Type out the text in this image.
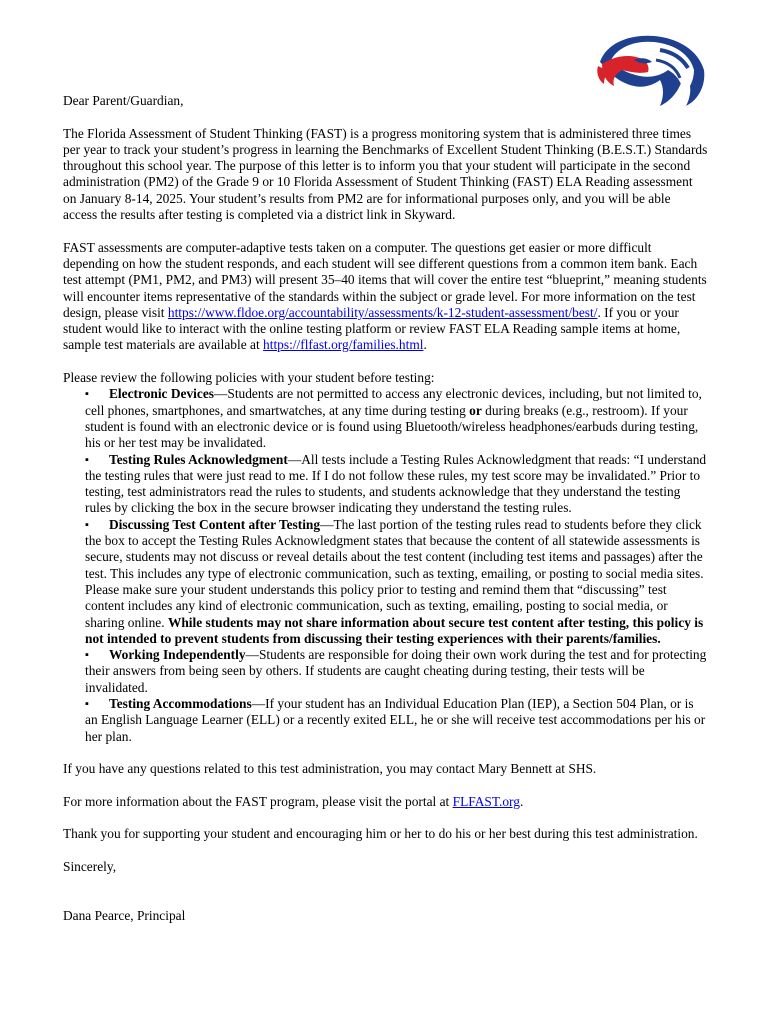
Dear Parent/Guardian,

The Florida Assessment of Student Thinking (FAST) is a progress monitoring system that is administered three times per year to track your student’s progress in learning the Benchmarks of Excellent Student Thinking (B.E.S.T.) Standards throughout this school year. The purpose of this letter is to inform you that your student will participate in the second administration (PM2) of the Grade 9 or 10 Florida Assessment of Student Thinking (FAST) ELA Reading assessment on January 8-14, 2025. Your student’s results from PM2 are for informational purposes only, and you will be able access the results after testing is completed via a district link in Skyward.

FAST assessments are computer-adaptive tests taken on a computer. The questions get easier or more difficult depending on how the student responds, and each student will see different questions from a common item bank. Each test attempt (PM1, PM2, and PM3) will present 35–40 items that will cover the entire test “blueprint,” meaning students will encounter items representative of the standards within the subject or grade level. For more information on the test design, please visit https://www.fldoe.org/accountability/assessments/k-12-student-assessment/best/. If you or your student would like to interact with the online testing platform or review FAST ELA Reading sample items at home, sample test materials are available at https://flfast.org/families.html.

Please review the following policies with your student before testing:

▪ Electronic Devices—Students are not permitted to access any electronic devices, including, but not limited to, cell phones, smartphones, and smartwatches, at any time during testing or during breaks (e.g., restroom). If your student is found with an electronic device or is found using Bluetooth/wireless headphones/earbuds during testing, his or her test may be invalidated.
▪ Testing Rules Acknowledgment—All tests include a Testing Rules Acknowledgment that reads: “I understand the testing rules that were just read to me. If I do not follow these rules, my test score may be invalidated.” Prior to testing, test administrators read the rules to students, and students acknowledge that they understand the testing rules by clicking the box in the secure browser indicating they understand the testing rules.
▪ Discussing Test Content after Testing—The last portion of the testing rules read to students before they click the box to accept the Testing Rules Acknowledgment states that because the content of all statewide assessments is secure, students may not discuss or reveal details about the test content (including test items and passages) after the test. This includes any type of electronic communication, such as texting, emailing, or posting to social media sites. Please make sure your student understands this policy prior to testing and remind them that “discussing” test content includes any kind of electronic communication, such as texting, emailing, posting to social media, or sharing online. While students may not share information about secure test content after testing, this policy is not intended to prevent students from discussing their testing experiences with their parents/families.
▪ Working Independently—Students are responsible for doing their own work during the test and for protecting their answers from being seen by others. If students are caught cheating during testing, their tests will be invalidated.
▪ Testing Accommodations—If your student has an Individual Education Plan (IEP), a Section 504 Plan, or is an English Language Learner (ELL) or a recently exited ELL, he or she will receive test accommodations per his or her plan.

If you have any questions related to this test administration, you may contact Mary Bennett at SHS.

For more information about the FAST program, please visit the portal at FLFAST.org.

Thank you for supporting your student and encouraging him or her to do his or her best during this test administration.

Sincerely,

Dana Pearce, Principal
